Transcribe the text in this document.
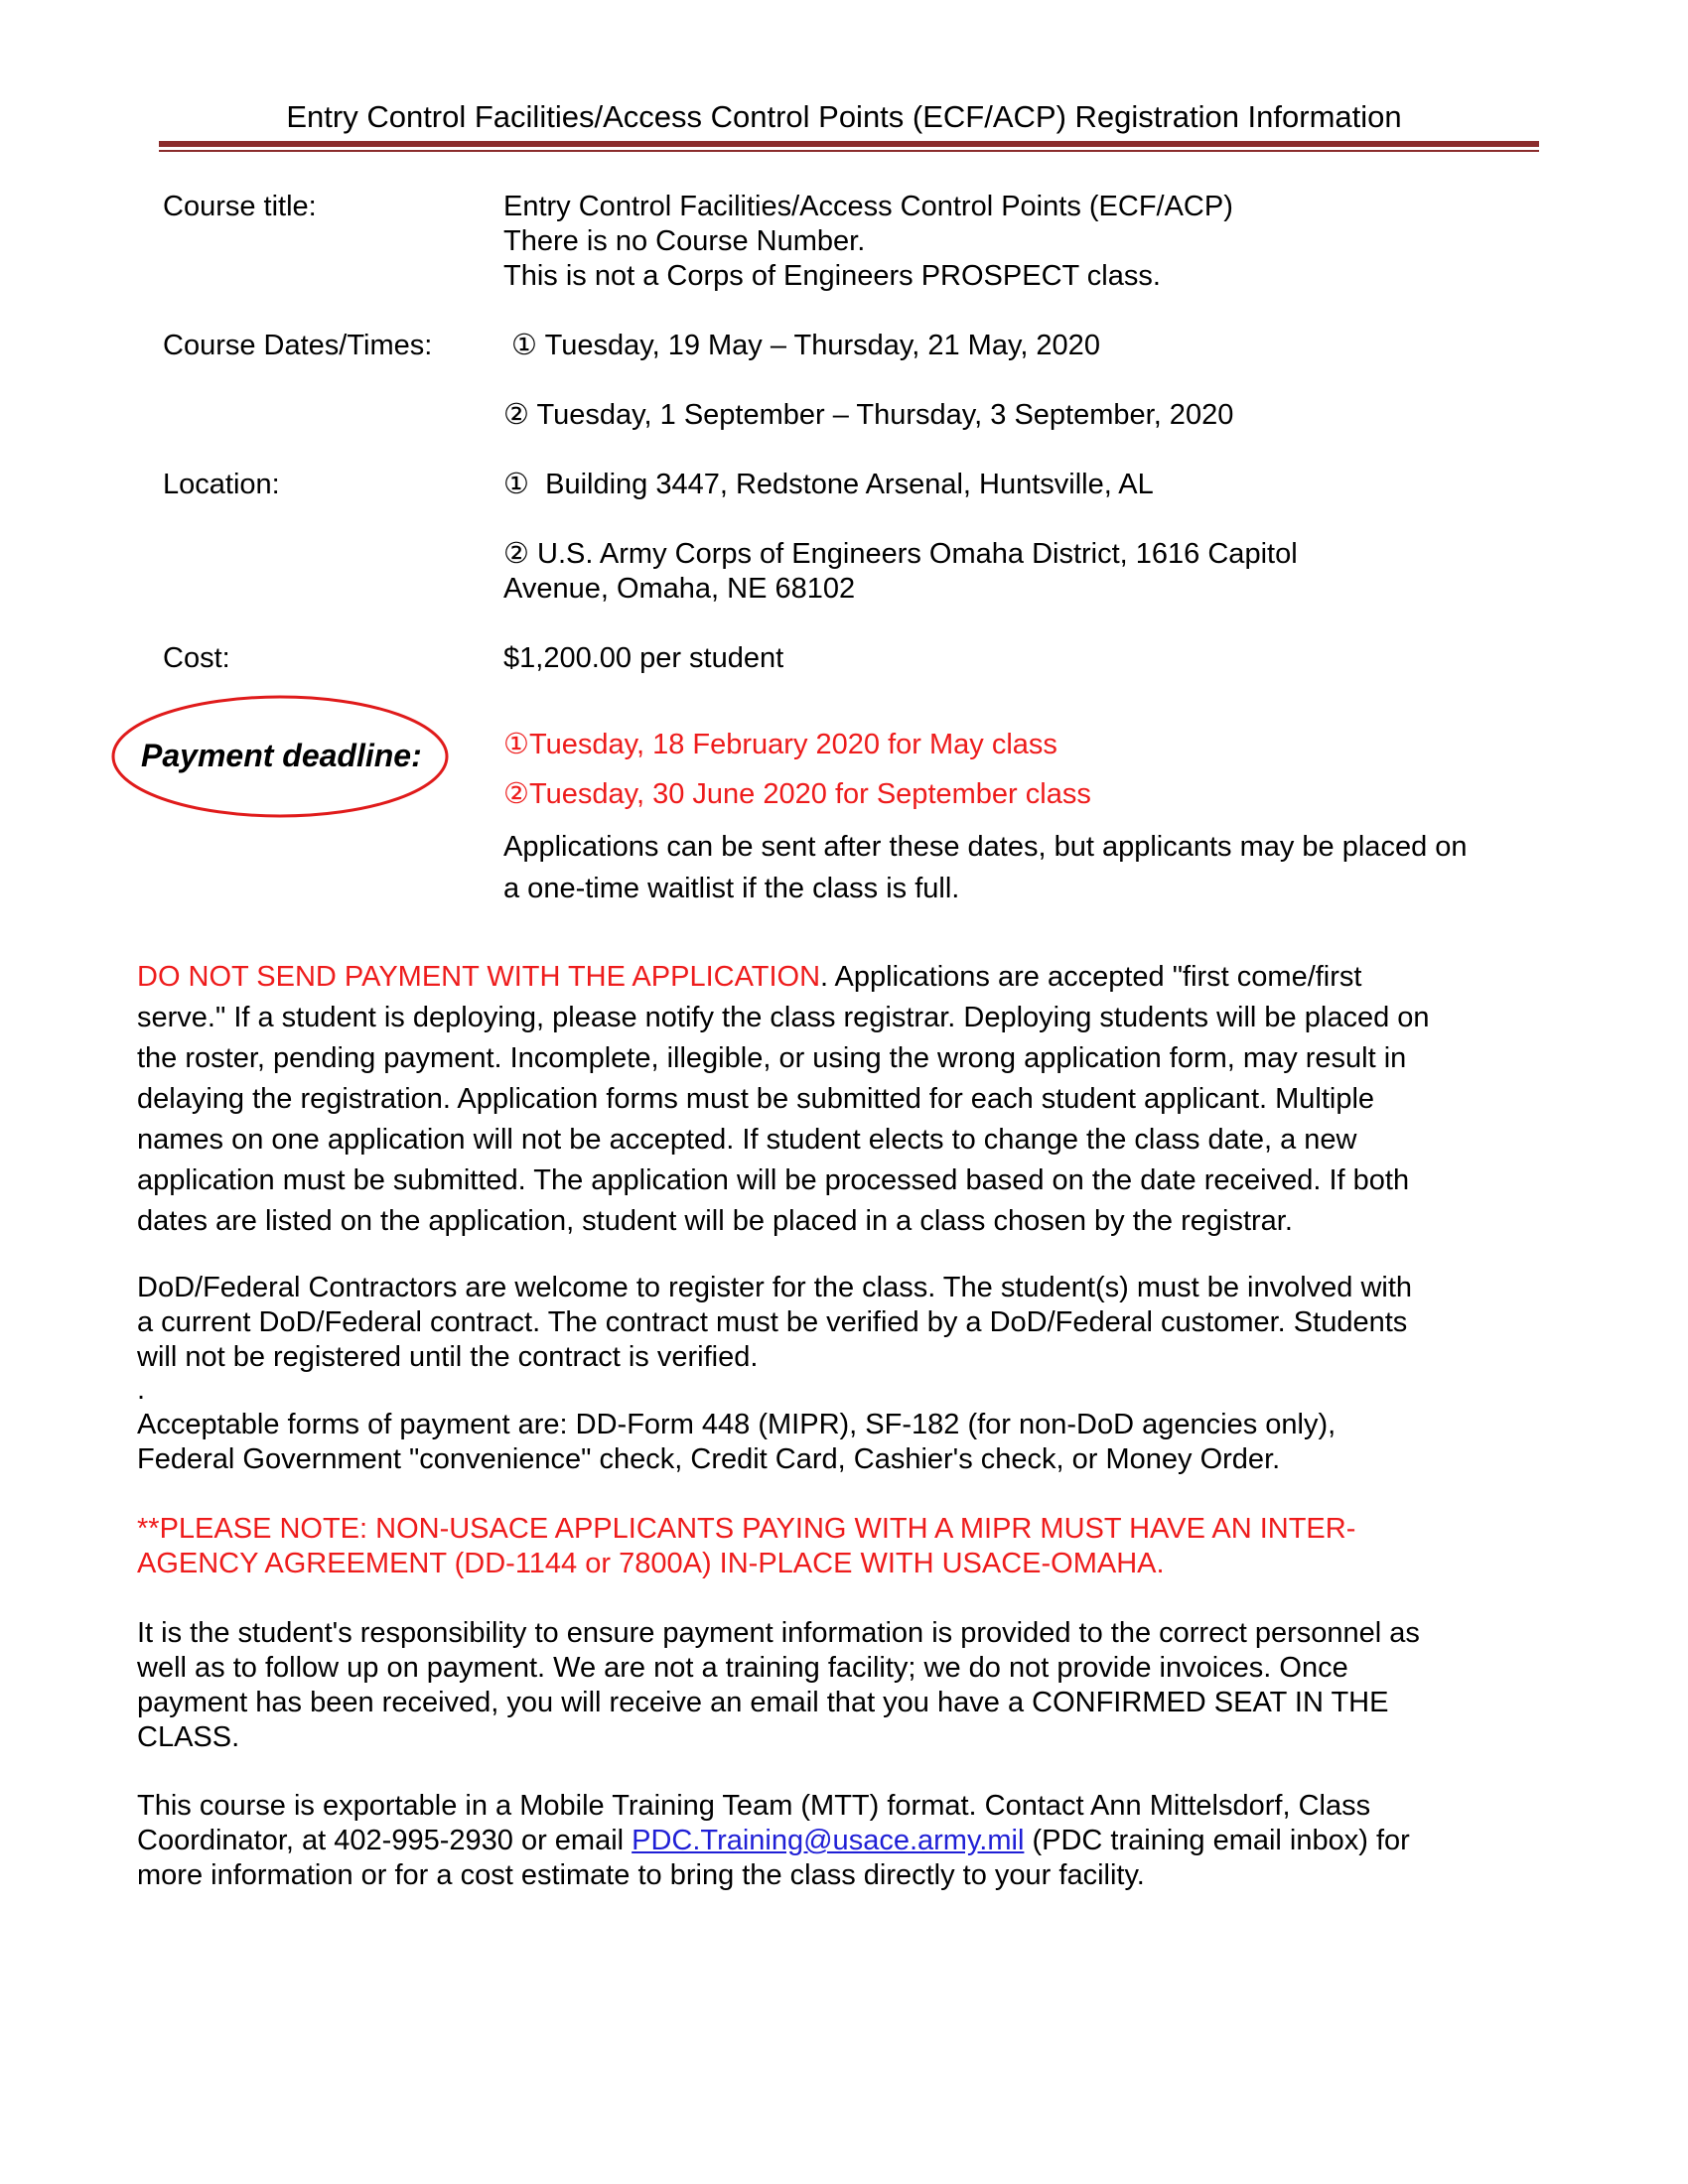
Entry Control Facilities/Access Control Points (ECF/ACP) Registration Information
Course title:	Entry Control Facilities/Access Control Points (ECF/ACP)
There is no Course Number.
This is not a Corps of Engineers PROSPECT class.
Course Dates/Times: ① Tuesday, 19 May – Thursday, 21 May, 2020
② Tuesday, 1 September – Thursday, 3 September, 2020
Location:	①  Building 3447, Redstone Arsenal, Huntsville, AL
② U.S. Army Corps of Engineers Omaha District, 1616 Capitol
Avenue, Omaha, NE 68102
Cost:	$1,200.00 per student
Payment deadline:	①Tuesday, 18 February 2020 for May class
②Tuesday, 30 June 2020 for September class
Applications can be sent after these dates, but applicants may be placed on
a one-time waitlist if the class is full.
DO NOT SEND PAYMENT WITH THE APPLICATION. Applications are accepted "first come/first
serve." If a student is deploying, please notify the class registrar. Deploying students will be placed on
the roster, pending payment. Incomplete, illegible, or using the wrong application form, may result in
delaying the registration. Application forms must be submitted for each student applicant. Multiple
names on one application will not be accepted. If student elects to change the class date, a new
application must be submitted. The application will be processed based on the date received. If both
dates are listed on the application, student will be placed in a class chosen by the registrar.
DoD/Federal Contractors are welcome to register for the class. The student(s) must be involved with
a current DoD/Federal contract. The contract must be verified by a DoD/Federal customer. Students
will not be registered until the contract is verified.
.
Acceptable forms of payment are: DD-Form 448 (MIPR), SF-182 (for non-DoD agencies only),
Federal Government "convenience" check, Credit Card, Cashier's check, or Money Order.
**PLEASE NOTE: NON-USACE APPLICANTS PAYING WITH A MIPR MUST HAVE AN INTER-
AGENCY AGREEMENT (DD-1144 or 7800A) IN-PLACE WITH USACE-OMAHA.
It is the student's responsibility to ensure payment information is provided to the correct personnel as
well as to follow up on payment. We are not a training facility; we do not provide invoices. Once
payment has been received, you will receive an email that you have a CONFIRMED SEAT IN THE
CLASS.
This course is exportable in a Mobile Training Team (MTT) format. Contact Ann Mittelsdorf, Class
Coordinator, at 402-995-2930 or email PDC.Training@usace.army.mil (PDC training email inbox) for
more information or for a cost estimate to bring the class directly to your facility.
